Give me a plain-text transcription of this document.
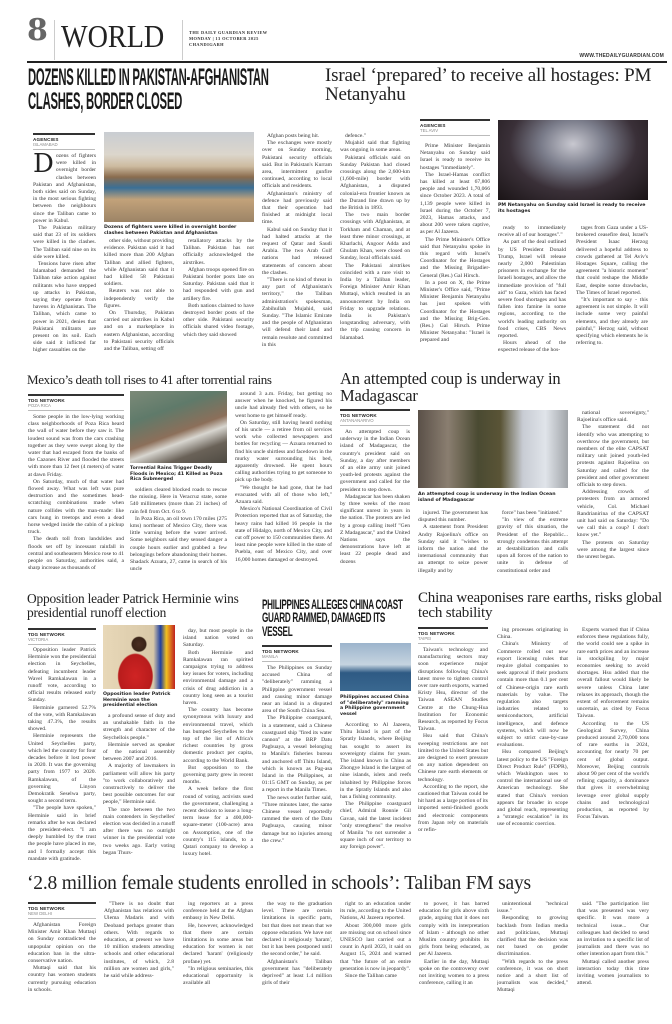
8 WORLD	THE DAILY GUARDIAN REVIEW
MONDAY | 13 OCTOBER 2025
CHANDIGARH
WWW.THEDAILYGUARDIAN.COM
DOZENS KILLED IN PAKISTAN-AFGHANISTAN CLASHES, BORDER CLOSED
AGENCIES
ISLAMABAD
D ozens of fighters were killed in overnight border clashes between Pakistan and Afghanistan, both sides said on Sunday, in the most serious fighting between the neighbours since the Taliban came to power in Kabul.

The Pakistan military said that 23 of its soldiers were killed in the clashes. The Taliban said nine on its side were killed.

Tensions have risen after Islamabad demanded the Taliban take action against militants who have stepped up attacks in Pakistan, saying they operate from havens in Afghanistan. The Taliban, which came to power in 2021, denies that Pakistani militants are present on its soil. Each side said it inflicted far higher casualties on the

Dozens of fighters were killed in overnight border clashes between Pakistan and Afghanistan

other side, without providing evidence. Pakistan said it had killed more than 200 Afghan Taliban and allied fighters, while Afghanistan said that it had killed 58 Pakistani soldiers.

Reuters was not able to independently verify the figures.

On Thursday, Pakistan carried out airstrikes in Kabul and on a marketplace in eastern Afghanistan, according to Pakistani security officials and the Taliban, setting off

retaliatory attacks by the Taliban. Pakistan has not officially acknowledged the airstrikes.

Afghan troops opened fire on Pakistani border posts late on Saturday. Pakistan said that it had responded with gun and artillery fire.

Both nations claimed to have destroyed border posts of the other side. Pakistani security officials shared video footage, which they said showed

Afghan posts being hit.

The exchanges were mostly over on Sunday morning, Pakistani security officials said. But in Pakistan's Kurram area, intermittent gunfire continued, according to local officials and residents.

Afghanistan's ministry of defence had previously said that their operation had finished at midnight local time.

Kabul said on Sunday that it had halted attacks at the request of Qatar and Saudi Arabia. The two Arab Gulf nations had released statements of concern about the clashes.

"There is no kind of threat in any part of Afghanistan's territory," the Taliban administration's spokesman, Zabihullah Mujahid, said Sunday. "The Islamic Emirate and the people of Afghanistan will defend their land and remain resolute and committed in this

defence."

Mujahid said that fighting was ongoing in some areas.

Pakistani officials said on Sunday Pakistan had closed crossings along the 2,600-km (1,600-mile) border with Afghanistan, a disputed colonial-era frontier known as the Durand line drawn up by the British in 1893.

The two main border crossings with Afghanistan, at Torkham and Chaman, and at least three minor crossings, at Kharlachi, Angoor Adda and Ghulam Khan, were closed on Sunday, local officials said.

The Pakistani airstrikes coincided with a rare visit to India by a Taliban leader, Foreign Minister Amir Khan Muttaqi, which resulted in an announcement by India on Friday to upgrade relations. India is Pakistan's longstanding adversary, with the trip causing concern in Islamabad.

Israel ‘prepared’ to receive all hostages: PM Netanyahu
AGENCIES
TEL AVIV

Prime Minister Benjamin Netanyahu on Sunday said Israel is ready to receive its hostages "immediately".

The Israel-Hamas conflict has killed at least 67,806 people and wounded 1,70,066 since October 2023. A total of 1,139 people were killed in Israel during the October 7, 2023, Hamas attacks, and about 200 were taken captive, as per Al Jazeera.

The Prime Minister's Office said that Netanyahu spoke in this regard with Israel's Coordinator for the Hostages and the Missing Brigadier-General (Res.) Gal Hirsch.

In a post on X, the Prime Minister's Office said, "Prime Minister Benjamin Netanyahu has just spoken with Coordinator for the Hostages and the Missing Brig-Gen. (Res.) Gal Hirsch. Prime Minister Netanyahu: "Israel is prepared and

PM Netanyahu on Sunday said Israel is ready to receive its hostages

ready to immediately receive all of our hostages"."

As part of the deal outlined by US President Donald Trump, Israel will release nearly 2,000 Palestinian prisoners in exchange for the Israeli hostages, and allow the immediate provision of "full aid" to Gaza, which has faced severe food shortages and has fallen into famine in some regions, according to the world's leading authority on food crises, CBS News reported.

Hours ahead of the expected release of the hos-

tages from Gaza under a US-brokered ceasefire deal, Israel's President Isaac Herzog delivered a hopeful address to crowds gathered at Tel Aviv's Hostages Square, calling the agreement "a historic moment" that could reshape the Middle East, despite some drawbacks, The Times of Israel reported.

"It's important to say - this agreement is not simple. It will include some very painful elements, and they already are painful," Herzog said, without specifying which elements he is referring to.

Mexico’s death toll rises to 41 after torrential rains
TDG NETWORK
POZA RICA

Some people in the low-lying working class neighborhoods of Poza Rica heard the wall of water before they saw it. The loudest sound was from the cars crashing together as they were swept along by the water that had escaped from the banks of the Cazones River and flooded the streets with more than 12 feet (4 meters) of water at dawn Friday.

On Saturday, much of that water had flowed away. What was left was pure destruction and the sometimes head-scratching combinations made when nature collides with the man-made: like cars hung in treetops and even a dead horse wedged inside the cabin of a pickup truck.

The death toll from landslides and floods set off by incessant rainfall in central and southeastern Mexico rose to 41 people on Saturday, authorities said, a sharp increase as thousands of

Torrential Rains Trigger Deadly Floods in Mexico; 41 Killed as Poza Rica Submerged

soldiers cleared blocked roads to rescue the missing. Here in Veracruz state, some 540 millimeters (more than 21 inches) of rain fell from Oct. 6 to 9.

In Poza Rica, an oil town 170 miles (275 kms) northeast of Mexico City, there was little warning before the water arrived. Some neighbors said they sensed danger a couple hours earlier and grabbed a few belongings before abandoning their homes. Shadack Azuara, 27, came in search of his uncle

around 3 a.m. Friday, but getting no answer when he knocked, he figured his uncle had already fled with others, so he went home to get himself ready.

On Saturday, still having heard nothing of his uncle — a retiree from oil services work who collected newspapers and bottles for recycling — Azuara returned to find his uncle shirtless and facedown in the murky water surrounding his bed, apparently drowned. He spent hours calling authorities trying to get someone to pick up the body.

"We thought he had gone, that he had evacuated with all of those who left," Azuara said.

Mexico's National Coordination of Civil Protection reported that as of Saturday, the heavy rains had killed 16 people in the state of Hidalgo, north of Mexico City, and cut off power to 150 communities there. At least nine people were killed in the state of Puebla, east of Mexico City, and over 16,000 homes damaged or destroyed.

An attempted coup is underway in Madagascar
TDG NETWORK
ANTANANARIVO

An attempted coup is underway in the Indian Ocean island of Madagascar, the country's president said on Sunday, a day after members of an elite army unit joined youth-led protests against the government and called for the president to step down.

Madagascar has been shaken by three weeks of the most significant unrest in years in the nation. The protests are led by a group calling itself "Gen Z Madagascar," and the United Nations says the demonstrations have left at least 22 people dead and dozens

An attempted coup is underway in the Indian Ocean island of Madagascar

injured. The government has disputed this number.

A statement from President Andry Rajoelina's office on Sunday said it "wishes to inform the nation and the international community that an attempt to seize power illegally and by

force" has been "initiated."

"In view of the extreme gravity of this situation, the President of the Republic... strongly condemns this attempt at destabilization and calls upon all forces of the nation to unite in defense of constitutional order and

national sovereignty," Rajoelina's office said.

The statement did not identify who was attempting to overthrow the government, but members of the elite CAPSAT military unit joined youth-led protests against Rajoelina on Saturday and called for the president and other government officials to step down.

Addressing crowds of protesters from an armored vehicle, Col. Michael Randrianirina of the CAPSAT unit had said on Saturday: "Do we call this a coup? I don't know yet."

The protests on Saturday were among the largest since the unrest began.

Opposition leader Patrick Herminie wins presidential runoff election
TDG NETWORK
VICTORIA

Opposition leader Patrick Herminie won the presidential election in Seychelles, defeating incumbent leader Wavel Ramkalawan in a runoff vote, according to official results released early Sunday.

Herminie garnered 52.7% of the vote, with Ramkalawan taking 47.3%, the results showed.

Herminie represents the United Seychelles party, which led the country for four decades before it lost power in 2020. It was the governing party from 1977 to 2020. Ramkalawan, of the governing Linyon Demokratik Seselwa party, sought a second term.

"The people have spoken," Herminie said in brief remarks after he was declared the president-elect. "I am deeply humbled by the trust the people have placed in me, and I formally accept this mandate with gratitude.

Opposition leader Patrick Herminie won the presidential election

a profound sense of duty and an unshakable faith in the strength and character of the Seychellois people."

Herminie served as speaker of the national assembly between 2007 and 2016.

A majority of lawmakers in parliament will allow his party "to work collaboratively and constructively to deliver the best possible outcomes for our people," Herminie said.

The race between the two main contenders in Seychelles' election was decided in a runoff after there was no outright winner in the presidential vote two weeks ago. Early voting began Thurs-

day, but most people in the island nation voted on Saturday.

Both Herminie and Ramkalawan ran spirited campaigns trying to address key issues for voters, including environmental damage and a crisis of drug addiction in a country long seen as a tourist haven.

The country has become synonymous with luxury and environmental travel, which has bumped Seychelles to the top of the list of Africa's richest countries by gross domestic product per capita, according to the World Bank.

But opposition to the governing party grew in recent months.

A week before the first round of voting, activists sued the government, challenging a recent decision to issue a long-term lease for a 400,000-square-meter (100-acre) area on Assomption, one of the country's 115 islands, to a Qatari company to develop a luxury hotel.

PHILIPPINES ALLEGES CHINA COAST GUARD RAMMED, DAMAGED ITS VESSEL
TDG NETWORK
MANILA

The Philippines on Sunday accused China of "deliberately" ramming a Philippine government vessel and causing minor damage near an island in a disputed area of the South China Sea.

The Philippine coastguard, in a statement, said a Chinese coastguard ship "fired its water cannon" at the BRP Datu Pagbuaya, a vessel belonging to Manila's fisheries bureau and anchored off Thitu Island, which is known as Pag-asa Island in the Philippines, at 01:15 GMT on Sunday, as per a report in the Manila Times.

The news outlet further said, "Three minutes later, the same Chinese vessel reportedly rammed the stern of the Datu Pagbuaya, causing minor damage but no injuries among the crew."

Philippines accused China of "deliberately" ramming a Philippine government vessel

According to Al Jazeera, Thitu Island is part of the Spratly Islands, where Beijing has sought to assert its sovereignty claims for years. The island known in China as Zhongye Island is the largest of nine islands, islets and reefs inhabited by Philippine forces in the Spratly Islands and also has a fishing community.

The Philippine coastguard chief, Admiral Ronnie Gil Gavan, said the latest incident "only strengthens" the resolve of Manila "to not surrender a square inch of our territory to any foreign power".

China weaponises rare earths, risks global tech stability
TDG NETWORK
TAIPEI

Taiwan's technology and manufacturing sectors may soon experience major disruptions following China's latest move to tighten control over rare earth exports, warned Kristy Hsu, director of the Taiwan ASEAN Studies Centre at the Chung-Hua Institution for Economic Research, as reported by Focus Taiwan.

Hsu said that China's sweeping restrictions are not limited to the United States but are designed to exert pressure on any nation dependent on Chinese rare earth elements or technology.

According to the report, she cautioned that Taiwan could be hit hard as a large portion of its imported semi-finished goods and electronic components from Japan rely on materials or refin-

ing processes originating in China.

China's Ministry of Commerce rolled out new export licensing rules that require global companies to seek approval if their products contain more than 0.1 per cent of Chinese-origin rare earth materials by value. The regulation also targets industries related to semiconductors, artificial intelligence, and defence systems, which will now be subject to strict case-by-case evaluations.

Hsu compared Beijing's latest policy to the US "Foreign Direct Product Rule" (FDPR), which Washington uses to control the international use of American technology. She stated that China's version appears far broader in scope and global reach, representing a "strategic escalation" in its use of economic coercion.

Experts warned that if China enforces these regulations fully, the world could see a spike in rare earth prices and an increase in stockpiling by major economies seeking to avoid shortages. Hsu added that the overall fallout would likely be severe unless China later relaxes its approach, though the extent of enforcement remains uncertain, as cited by Focus Taiwan.

According to the US Geological Survey, China produced around 2,70,000 tons of rare earths in 2024, accounting for nearly 70 per cent of global output. Moreover, Beijing controls about 90 per cent of the world's refining capacity, a dominance that gives it overwhelming leverage over global supply chains and technological production, as reported by Focus Taiwan.

‘2.8 million female students enrolled in schools’: Taliban FM says
TDG NETWORK
NEW DELHI

Afghanistan Foreign Minister Amir Khan Muttaqi on Sunday contradicted the unpopular opinion on the education ban in the ultra-conservative nation.

Muttaqi said that his country has women students currently pursuing education in schools.

"There is no doubt that Afghanistan has relations with Ulema Madaris and with Deoband perhaps greater than others. With regards to education, at present we have 10 million students attending schools and other educational institutes, of which, 2.8 million are women and girls," he said while address-

ing reporters at a press conference held at the Afghan embassy in New Delhi.

He, however, acknowledged that there are certain limitations in some areas but education for women is not declared 'haram' (religiously profane) yet.

"In religious seminaries, this educational opportunity is available all

the way to the graduation level. There are certain limitations in specific parts, but that does not mean that we oppose education. We have not declared it religiously 'haram', but it has been postponed until the second order," he said.

Afghanistan's Taliban government has "deliberately deprived" at least 1.4 million girls of their

right to an education under its rule, according to the United Nations, Al Jazeera reported.

About 300,000 more girls are missing out on school since UNESCO last carried out a count in April 2023, it said on August 15, 2024 and warned that "the future of an entire generation is now in jeopardy".

Since the Taliban came

to power, it has barred education for girls above sixth grade, arguing that it does not comply with its interpretation of Islam - although no other Muslim country prohibits its girls from being educated, as per Al Jazeera.

Earlier in the day, Muttaqi spoke on the controversy over not inviting women to a press conference, calling it an

unintentional "technical issue."

Responding to growing backlash from Indian media and politicians, Muttaqi clarified that the decision was not based on gender discrimination.

"With regards to the press conference, it was on short notice and a short list of journalists was decided," Muttaqi

said. "The participation list that was presented was very specific. It was more a technical issue... Our colleagues had decided to send an invitation to a specific list of journalists and there was no other intention apart from this."

Muttaqi called another press interaction today this time inviting women journalists to attend.
